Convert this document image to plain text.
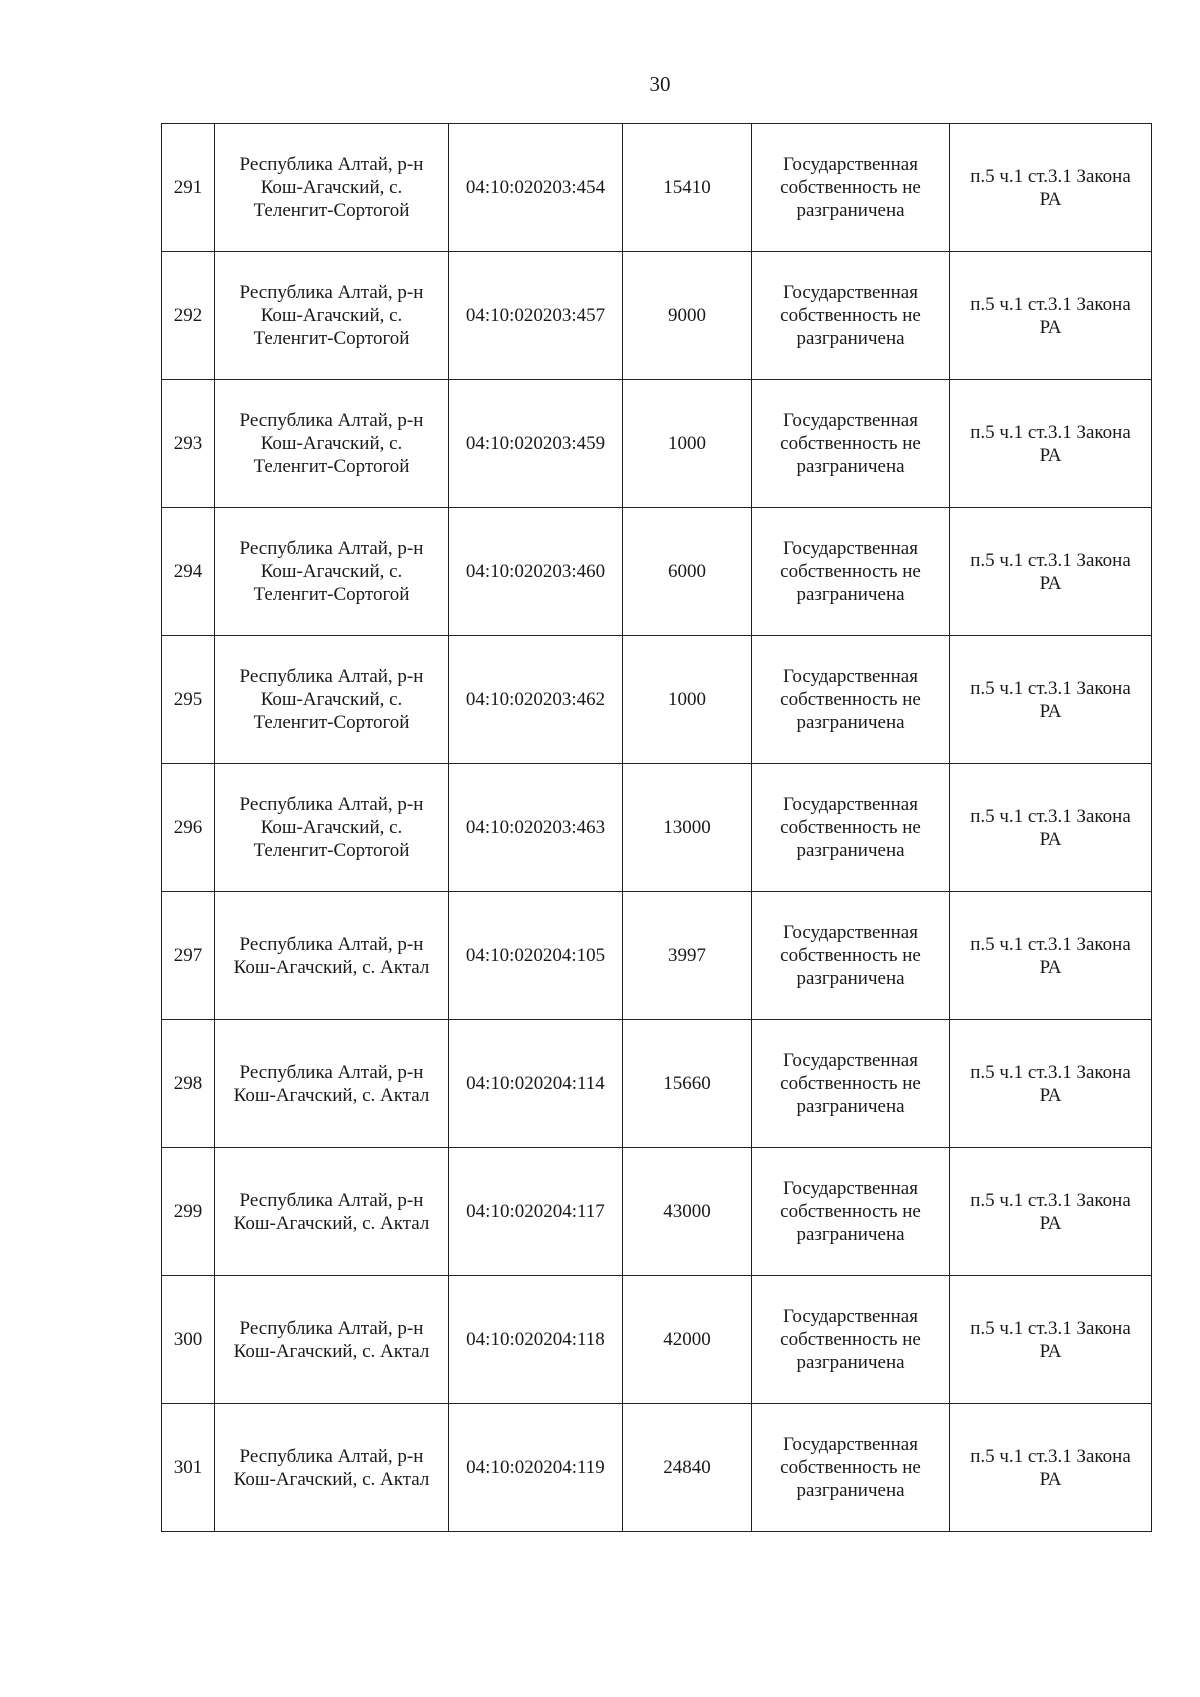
30
291	Республика Алтай, р-н
Кош-Агачский, с.
Теленгит-Сортогой	04:10:020203:454	15410	Государственная
собственность не
разграничена	п.5 ч.1 ст.3.1 Закона
РА
292	Республика Алтай, р-н
Кош-Агачский, с.
Теленгит-Сортогой	04:10:020203:457	9000	Государственная
собственность не
разграничена	п.5 ч.1 ст.3.1 Закона
РА
293	Республика Алтай, р-н
Кош-Агачский, с.
Теленгит-Сортогой	04:10:020203:459	1000	Государственная
собственность не
разграничена	п.5 ч.1 ст.3.1 Закона
РА
294	Республика Алтай, р-н
Кош-Агачский, с.
Теленгит-Сортогой	04:10:020203:460	6000	Государственная
собственность не
разграничена	п.5 ч.1 ст.3.1 Закона
РА
295	Республика Алтай, р-н
Кош-Агачский, с.
Теленгит-Сортогой	04:10:020203:462	1000	Государственная
собственность не
разграничена	п.5 ч.1 ст.3.1 Закона
РА
296	Республика Алтай, р-н
Кош-Агачский, с.
Теленгит-Сортогой	04:10:020203:463	13000	Государственная
собственность не
разграничена	п.5 ч.1 ст.3.1 Закона
РА
297	Республика Алтай, р-н
Кош-Агачский, с. Актал	04:10:020204:105	3997	Государственная
собственность не
разграничена	п.5 ч.1 ст.3.1 Закона
РА
298	Республика Алтай, р-н
Кош-Агачский, с. Актал	04:10:020204:114	15660	Государственная
собственность не
разграничена	п.5 ч.1 ст.3.1 Закона
РА
299	Республика Алтай, р-н
Кош-Агачский, с. Актал	04:10:020204:117	43000	Государственная
собственность не
разграничена	п.5 ч.1 ст.3.1 Закона
РА
300	Республика Алтай, р-н
Кош-Агачский, с. Актал	04:10:020204:118	42000	Государственная
собственность не
разграничена	п.5 ч.1 ст.3.1 Закона
РА
301	Республика Алтай, р-н
Кош-Агачский, с. Актал	04:10:020204:119	24840	Государственная
собственность не
разграничена	п.5 ч.1 ст.3.1 Закона
РА
